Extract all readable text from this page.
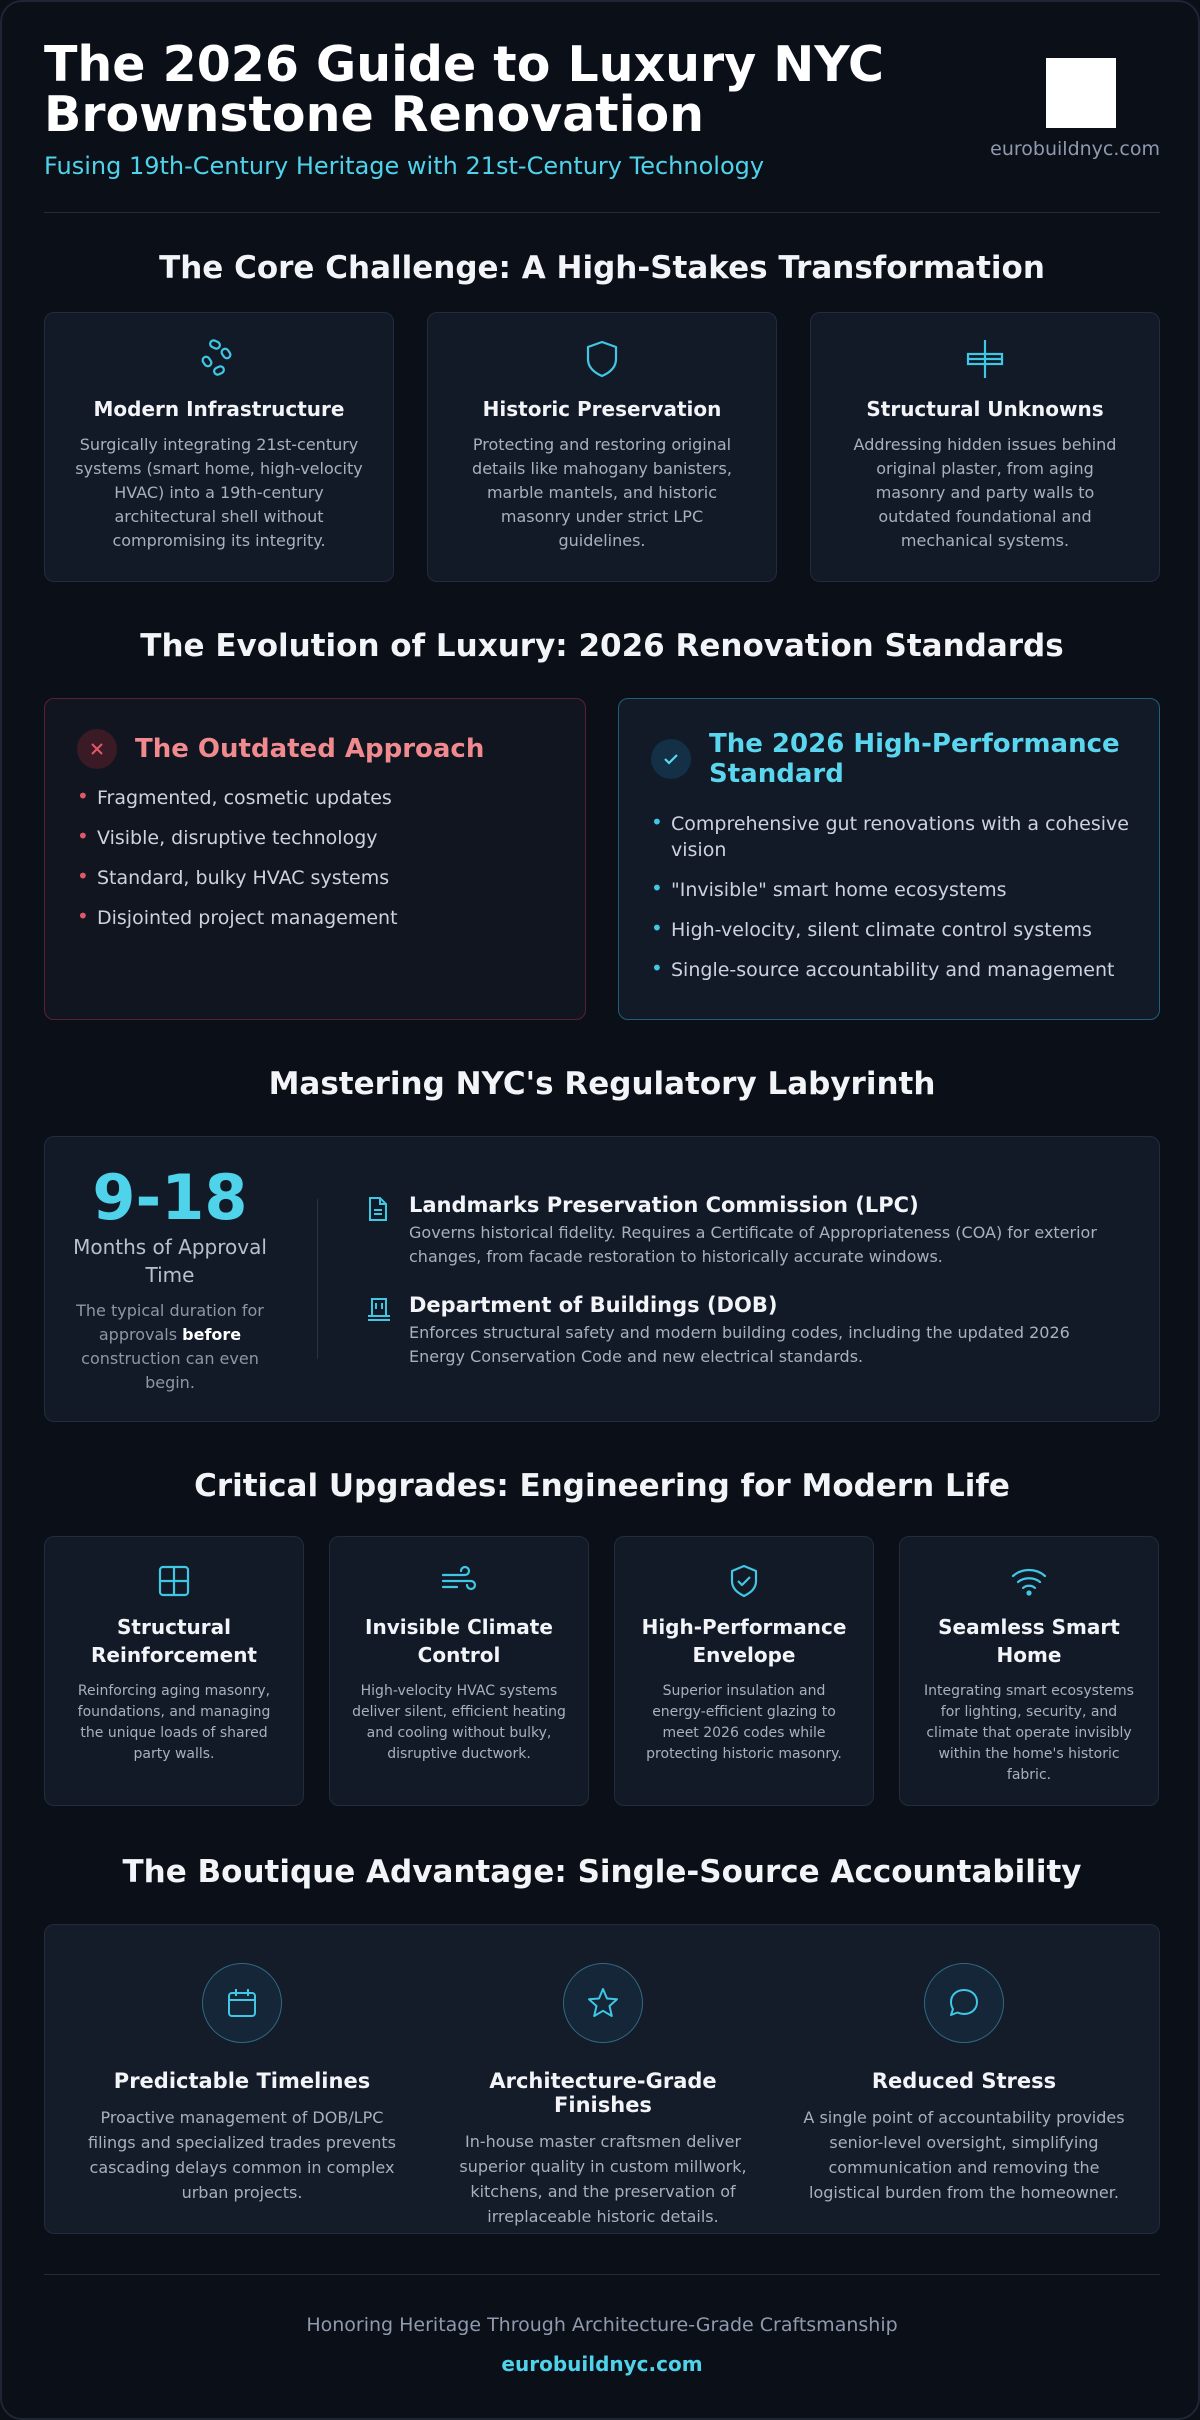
The 2026 Guide to Luxury NYC Brownstone Renovation
Fusing 19th-Century Heritage with 21st-Century Technology
eurobuildnyc.com
The Core Challenge: A High-Stakes Transformation
Modern Infrastructure
Surgically integrating 21st-century systems (smart home, high-velocity HVAC) into a 19th-century architectural shell without compromising its integrity.
Historic Preservation
Protecting and restoring original details like mahogany banisters, marble mantels, and historic masonry under strict LPC guidelines.
Structural Unknowns
Addressing hidden issues behind original plaster, from aging masonry and party walls to outdated foundational and mechanical systems.
The Evolution of Luxury: 2026 Renovation Standards
The Outdated Approach
• Fragmented, cosmetic updates
• Visible, disruptive technology
• Standard, bulky HVAC systems
• Disjointed project management
The 2026 High-Performance Standard
• Comprehensive gut renovations with a cohesive vision
• "Invisible" smart home ecosystems
• High-velocity, silent climate control systems
• Single-source accountability and management
Mastering NYC's Regulatory Labyrinth
9-18
Months of Approval Time
The typical duration for approvals before construction can even begin.
Landmarks Preservation Commission (LPC)
Governs historical fidelity. Requires a Certificate of Appropriateness (COA) for exterior changes, from facade restoration to historically accurate windows.
Department of Buildings (DOB)
Enforces structural safety and modern building codes, including the updated 2026 Energy Conservation Code and new electrical standards.
Critical Upgrades: Engineering for Modern Life
Structural Reinforcement
Reinforcing aging masonry, foundations, and managing the unique loads of shared party walls.
Invisible Climate Control
High-velocity HVAC systems deliver silent, efficient heating and cooling without bulky, disruptive ductwork.
High-Performance Envelope
Superior insulation and energy-efficient glazing to meet 2026 codes while protecting historic masonry.
Seamless Smart Home
Integrating smart ecosystems for lighting, security, and climate that operate invisibly within the home's historic fabric.
The Boutique Advantage: Single-Source Accountability
Predictable Timelines
Proactive management of DOB/LPC filings and specialized trades prevents cascading delays common in complex urban projects.
Architecture-Grade Finishes
In-house master craftsmen deliver superior quality in custom millwork, kitchens, and the preservation of irreplaceable historic details.
Reduced Stress
A single point of accountability provides senior-level oversight, simplifying communication and removing the logistical burden from the homeowner.
Honoring Heritage Through Architecture-Grade Craftsmanship
eurobuildnyc.com
